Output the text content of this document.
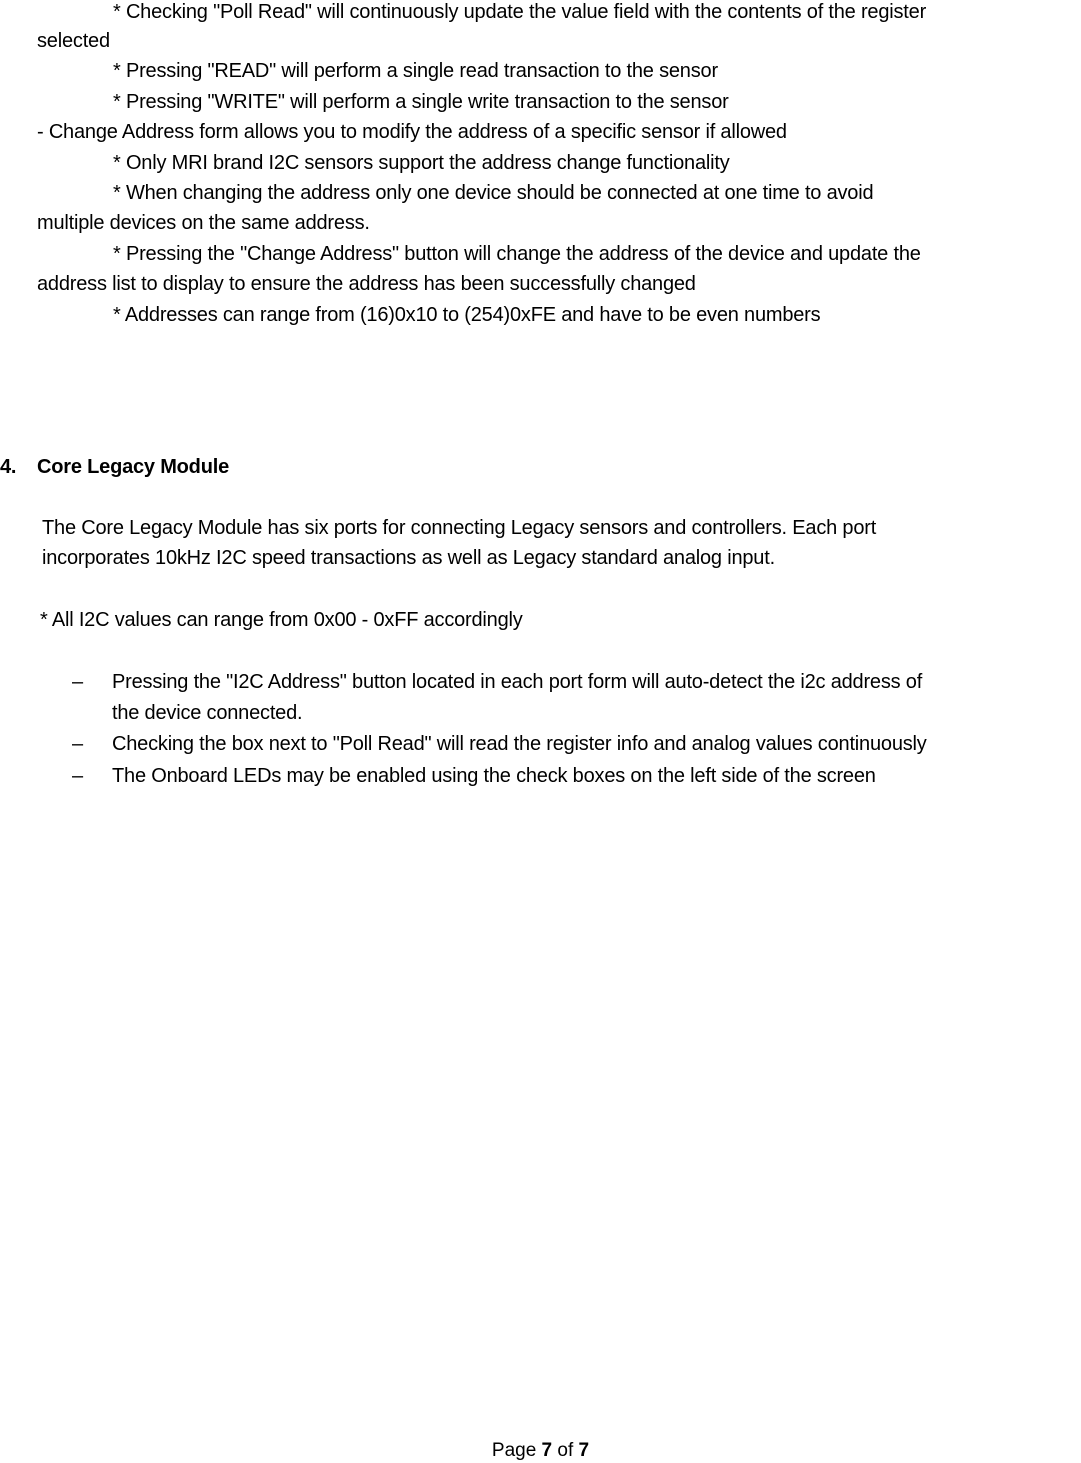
* Checking "Poll Read" will continuously update the value field with the contents of the register
selected
* Pressing "READ" will perform a single read transaction to the sensor
* Pressing "WRITE" will perform a single write transaction to the sensor
- Change Address form allows you to modify the address of a specific sensor if allowed
* Only MRI brand I2C sensors support the address change functionality
* When changing the address only one device should be connected at one time to avoid
multiple devices on the same address.
* Pressing the "Change Address" button will change the address of the device and update the
address list to display to ensure the address has been successfully changed
* Addresses can range from (16)0x10 to (254)0xFE and have to be even numbers
4. Core Legacy Module
The Core Legacy Module has six ports for connecting Legacy sensors and controllers. Each port
incorporates 10kHz I2C speed transactions as well as Legacy standard analog input.
* All I2C values can range from 0x00 - 0xFF accordingly
– Pressing the "I2C Address" button located in each port form will auto-detect the i2c address of
the device connected.
– Checking the box next to "Poll Read" will read the register info and analog values continuously
– The Onboard LEDs may be enabled using the check boxes on the left side of the screen
Page 7 of 7
